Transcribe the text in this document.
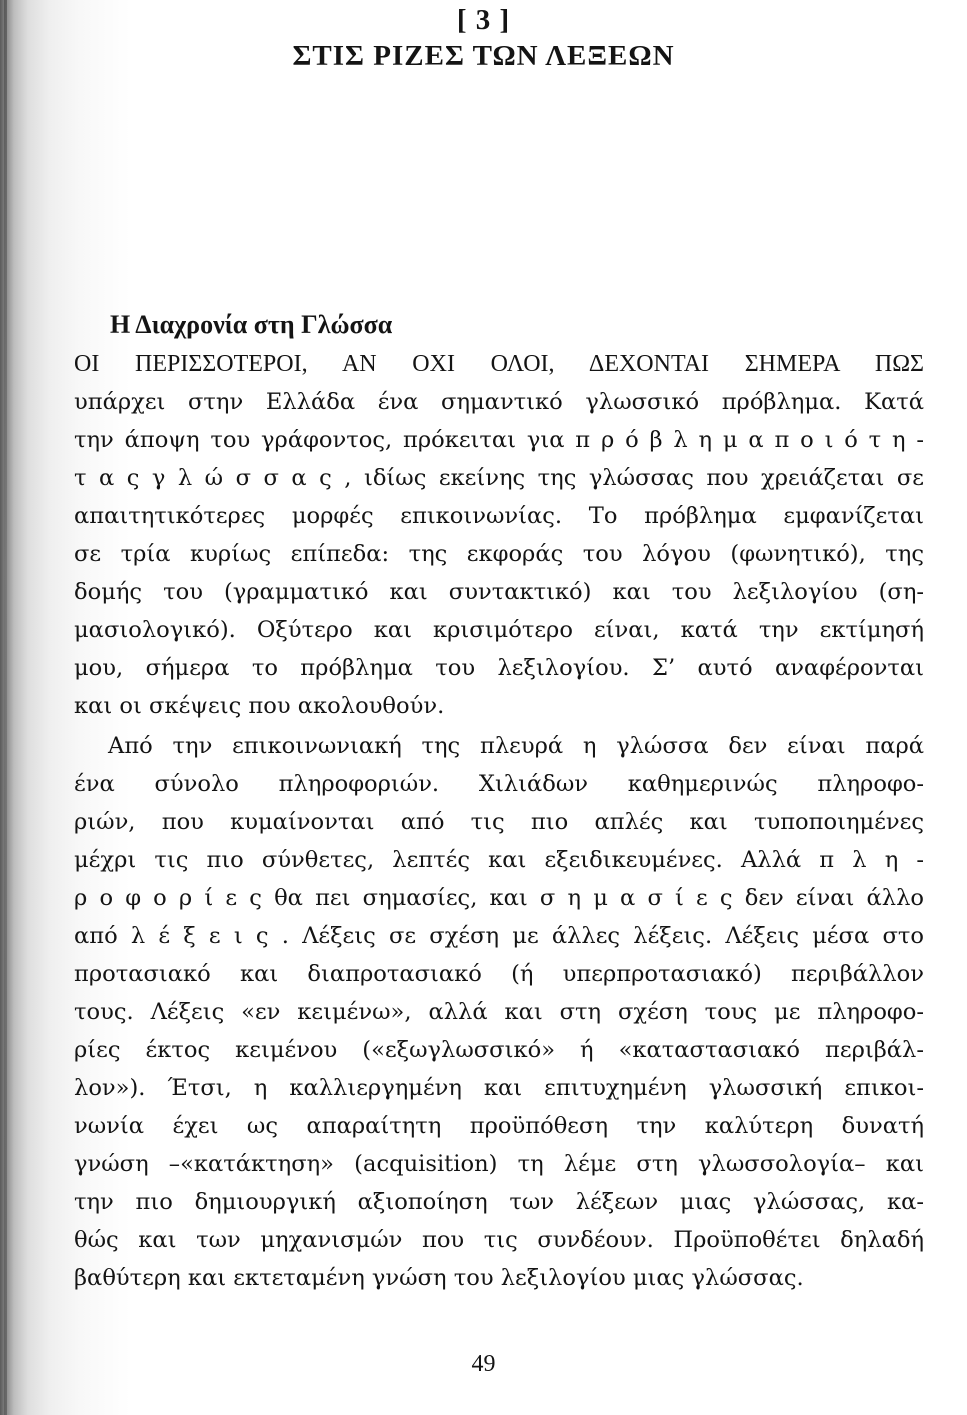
[ 3 ]
ΣΤΙΣ ΡΙΖΕΣ ΤΩΝ ΛΕΞΕΩΝ
Η Διαχρονία στη Γλώσσα
ΟΙ ΠΕΡΙΣΣΟΤΕΡΟΙ, ΑΝ ΟΧΙ ΟΛΟΙ, ΔΕΧΟΝΤΑΙ ΣΗΜΕΡΑ ΠΩΣ
υπάρχει στην Ελλάδα ένα σημαντικό γλωσσικό πρόβλημα. Κατά
την άποψη του γράφοντος, πρόκειται για π ρ ό β λ η μ α π ο ι ό τ η -
τ α ς γ λ ώ σ σ α ς , ιδίως εκείνης της γλώσσας που χρειάζεται σε
απαιτητικότερες μορφές επικοινωνίας. Το πρόβλημα εμφανίζεται
σε τρία κυρίως επίπεδα: της εκφοράς του λόγου (φωνητικό), της
δομής του (γραμματικό και συντακτικό) και του λεξιλογίου (ση-
μασιολογικό). Οξύτερο και κρισιμότερο είναι, κατά την εκτίμησή
μου, σήμερα το πρόβλημα του λεξιλογίου. Σ’ αυτό αναφέρονται
και οι σκέψεις που ακολουθούν.
Από την επικοινωνιακή της πλευρά η γλώσσα δεν είναι παρά
ένα σύνολο πληροφοριών. Χιλιάδων καθημερινώς πληροφο-
ριών, που κυμαίνονται από τις πιο απλές και τυποποιημένες
μέχρι τις πιο σύνθετες, λεπτές και εξειδικευμένες. Αλλά π λ η -
ρ ο φ ο ρ ί ε ς θα πει σημασίες, και σ η μ α σ ί ε ς δεν είναι άλλο
από λ έ ξ ε ι ς . Λέξεις σε σχέση με άλλες λέξεις. Λέξεις μέσα στο
προτασιακό και διαπροτασιακό (ή υπερπροτασιακό) περιβάλλον
τους. Λέξεις «εν κειμένω», αλλά και στη σχέση τους με πληροφο-
ρίες έκτος κειμένου («εξωγλωσσικό» ή «καταστασιακό περιβάλ-
λον»). Έτσι, η καλλιεργημένη και επιτυχημένη γλωσσική επικοι-
νωνία έχει ως απαραίτητη προϋπόθεση την καλύτερη δυνατή
γνώση –«κατάκτηση» (acquisition) τη λέμε στη γλωσσολογία– και
την πιο δημιουργική αξιοποίηση των λέξεων μιας γλώσσας, κα-
θώς και των μηχανισμών που τις συνδέουν. Προϋποθέτει δηλαδή
βαθύτερη και εκτεταμένη γνώση του λεξιλογίου μιας γλώσσας.
49
